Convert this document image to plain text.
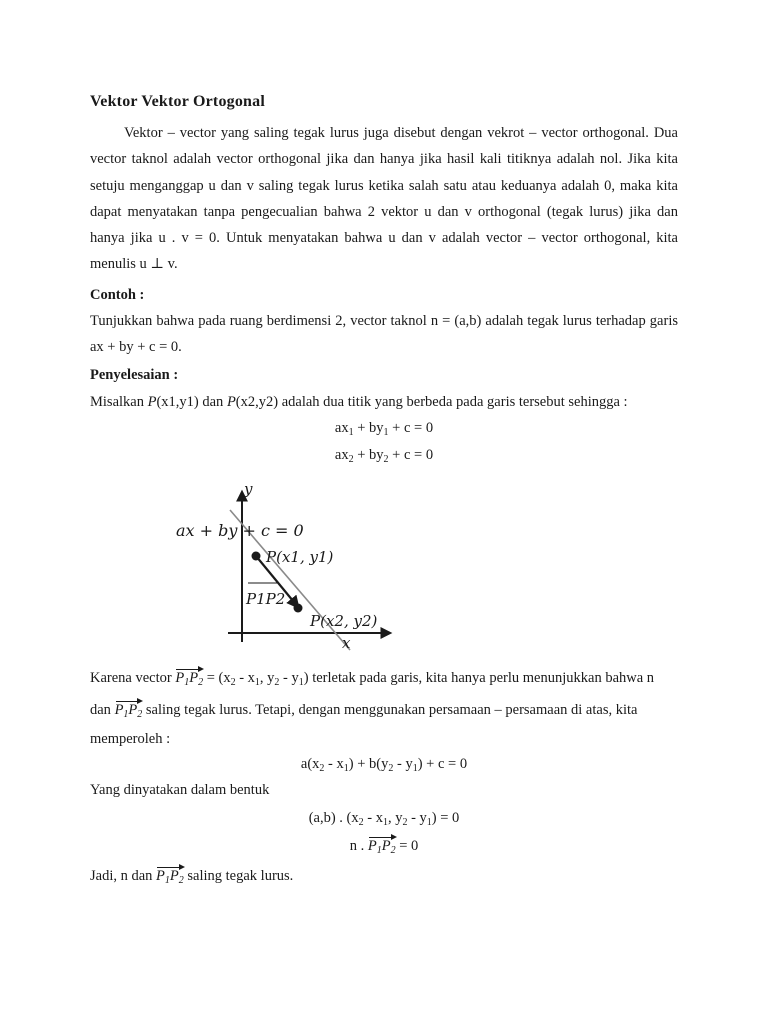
Vektor Vektor Ortogonal
Vektor – vector yang saling tegak lurus juga disebut dengan vekrot – vector orthogonal. Dua vector taknol adalah vector orthogonal jika dan hanya jika hasil kali titiknya adalah nol. Jika kita setuju menganggap u dan v saling tegak lurus ketika salah satu atau keduanya adalah 0, maka kita dapat menyatakan tanpa pengecualian bahwa 2 vektor u dan v orthogonal (tegak lurus) jika dan hanya jika u . v = 0. Untuk menyatakan bahwa u dan v adalah vector – vector orthogonal, kita menulis u ⊥ v.
Contoh :
Tunjukkan bahwa pada ruang berdimensi 2, vector taknol n = (a,b) adalah tegak lurus terhadap garis ax + by + c = 0.
Penyelesaian :
Misalkan P(x1,y1) dan P(x2,y2) adalah dua titik yang berbeda pada garis tersebut sehingga :
$ax_1 + by_1 + c = 0$
$ax_2 + by_2 + c = 0$
Karena vector $P_1P_2 = (x_2 - x_1$, $y_2 - y_1$) terletak pada garis, kita hanya perlu menunjukkan bahwa n
dan $P_1P_2$ saling tegak lurus. Tetapi, dengan menggunakan persamaan – persamaan di atas, kita
memperoleh :
$a(x_2 - x_1) + b(y_2 - y_1) + c = 0$
Yang dinyatakan dalam bentuk
(a,b) . ($x_2 - x_1$, $y_2 - y_1) = 0$
n . $P_1P_2 = 0$
Jadi, n dan $P_1P_2$ saling tegak lurus.
y
x
ax + by + c = 0
P(x1, y1)
P(x2, y2)
P1P2
